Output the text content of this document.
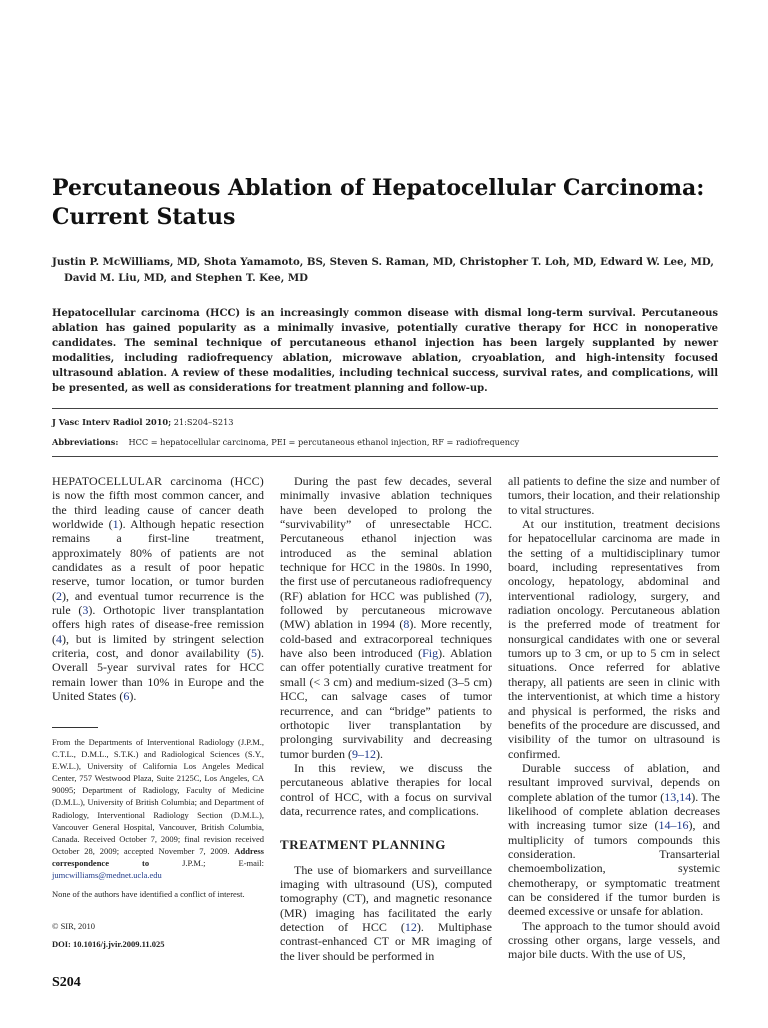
Percutaneous Ablation of Hepatocellular Carcinoma: Current Status
Justin P. McWilliams, MD, Shota Yamamoto, BS, Steven S. Raman, MD, Christopher T. Loh, MD, Edward W. Lee, MD, David M. Liu, MD, and Stephen T. Kee, MD

Hepatocellular carcinoma (HCC) is an increasingly common disease with dismal long-term survival. Percutaneous ablation has gained popularity as a minimally invasive, potentially curative therapy for HCC in nonoperative candidates. The seminal technique of percutaneous ethanol injection has been largely supplanted by newer modalities, including radiofrequency ablation, microwave ablation, cryoablation, and high-intensity focused ultrasound ablation. A review of these modalities, including technical success, survival rates, and complications, will be presented, as well as considerations for treatment planning and follow-up.

J Vasc Interv Radiol 2010; 21:S204–S213
Abbreviations: HCC = hepatocellular carcinoma, PEI = percutaneous ethanol injection, RF = radiofrequency

HEPATOCELLULAR carcinoma (HCC) is now the fifth most common cancer, and the third leading cause of cancer death worldwide (1). Although hepatic resection remains a first-line treatment, approximately 80% of patients are not candidates as a result of poor hepatic reserve, tumor location, or tumor burden (2), and eventual tumor recurrence is the rule (3). Orthotopic liver transplantation offers high rates of disease-free remission (4), but is limited by stringent selection criteria, cost, and donor availability (5). Overall 5-year survival rates for HCC remain lower than 10% in Europe and the United States (6).

From the Departments of Interventional Radiology (J.P.M., C.T.L., D.M.L., S.T.K.) and Radiological Sciences (S.Y., E.W.L.), University of California Los Angeles Medical Center, 757 Westwood Plaza, Suite 2125C, Los Angeles, CA 90095; Department of Radiology, Faculty of Medicine (D.M.L.), University of British Columbia; and Department of Radiology, Interventional Radiology Section (D.M.L.), Vancouver General Hospital, Vancouver, British Columbia, Canada. Received October 7, 2009; final revision received October 28, 2009; accepted November 7, 2009. Address correspondence to J.P.M.; E-mail: jumcwilliams@mednet.ucla.edu

None of the authors have identified a conflict of interest.

© SIR, 2010

DOI: 10.1016/j.jvir.2009.11.025

During the past few decades, several minimally invasive ablation techniques have been developed to prolong the “survivability” of unresectable HCC. Percutaneous ethanol injection was introduced as the seminal ablation technique for HCC in the 1980s. In 1990, the first use of percutaneous radiofrequency (RF) ablation for HCC was published (7), followed by percutaneous microwave (MW) ablation in 1994 (8). More recently, cold-based and extracorporeal techniques have also been introduced (Fig). Ablation can offer potentially curative treatment for small (< 3 cm) and medium-sized (3–5 cm) HCC, can salvage cases of tumor recurrence, and can “bridge” patients to orthotopic liver transplantation by prolonging survivability and decreasing tumor burden (9–12).

In this review, we discuss the percutaneous ablative therapies for local control of HCC, with a focus on survival data, recurrence rates, and complications.

TREATMENT PLANNING

The use of biomarkers and surveillance imaging with ultrasound (US), computed tomography (CT), and magnetic resonance (MR) imaging has facilitated the early detection of HCC (12). Multiphase contrast-enhanced CT or MR imaging of the liver should be performed in

all patients to define the size and number of tumors, their location, and their relationship to vital structures.

At our institution, treatment decisions for hepatocellular carcinoma are made in the setting of a multidisciplinary tumor board, including representatives from oncology, hepatology, abdominal and interventional radiology, surgery, and radiation oncology. Percutaneous ablation is the preferred mode of treatment for nonsurgical candidates with one or several tumors up to 3 cm, or up to 5 cm in select situations. Once referred for ablative therapy, all patients are seen in clinic with the interventionist, at which time a history and physical is performed, the risks and benefits of the procedure are discussed, and visibility of the tumor on ultrasound is confirmed.

Durable success of ablation, and resultant improved survival, depends on complete ablation of the tumor (13,14). The likelihood of complete ablation decreases with increasing tumor size (14–16), and multiplicity of tumors compounds this consideration. Transarterial chemoembolization, systemic chemotherapy, or symptomatic treatment can be considered if the tumor burden is deemed excessive or unsafe for ablation.

The approach to the tumor should avoid crossing other organs, large vessels, and major bile ducts. With the use of US,

S204
